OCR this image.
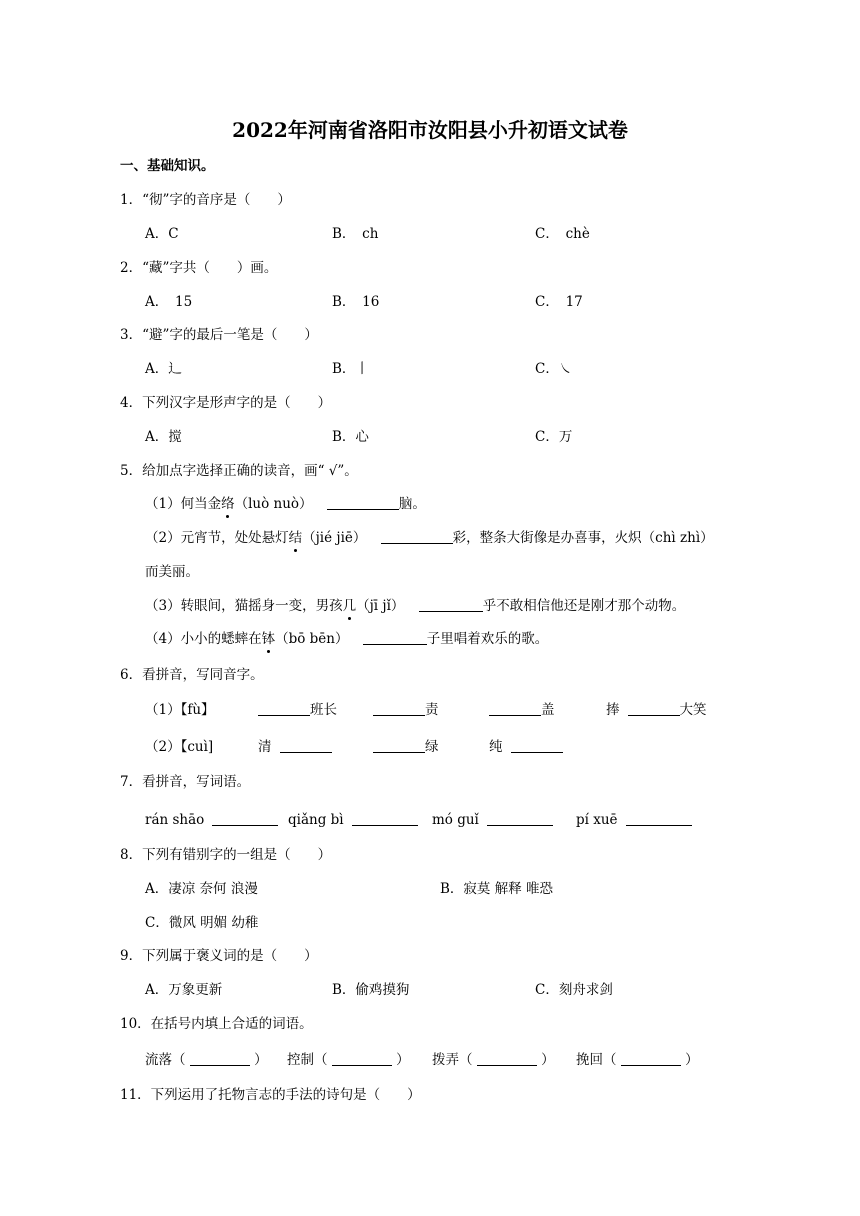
2022年河南省洛阳市汝阳县小升初语文试卷
一、基础知识。
1．“彻”字的音序是（　　）
A．C	B．　ch	C．　chè
2．“藏”字共（　　）画。
A．　15	B．　16	C．　17
3．“避”字的最后一笔是（　　）
A．⻌	B．丨	C．㇏
4．下列汉字是形声字的是（　　）
A．搅	B．心	C．万
5．给加点字选择正确的读音，画“ √”。
（1）何当金络（luò nuò）	脑。
（2）元宵节，处处悬灯结（jié jiē）	彩，整条大街像是办喜事，火炽（chì zhì）
而美丽。
（3）转眼间，猫摇身一变，男孩几（jī jǐ）	乎不敢相信他还是刚才那个动物。
（4）小小的蟋蟀在钵（bō bēn）	子里唱着欢乐的歌。
6．看拼音，写同音字。
（1）【fù】	班长	责	盖	捧	大笑
（2）【cuì]	清	绿	纯
7．看拼音，写词语。
rán shāo	qiǎng bì	mó guǐ	pí xuē
8．下列有错别字的一组是（　　）
A．凄凉 奈何 浪漫	B．寂莫 解释 唯恐
C．微风 明媚 幼稚
9．下列属于褒义词的是（　　）
A．万象更新	B．偷鸡摸狗	C．刻舟求剑
10．在括号内填上合适的词语。
流落（	） 控制（	） 拨弄（	） 挽回（	）
11．下列运用了托物言志的手法的诗句是（　　）
